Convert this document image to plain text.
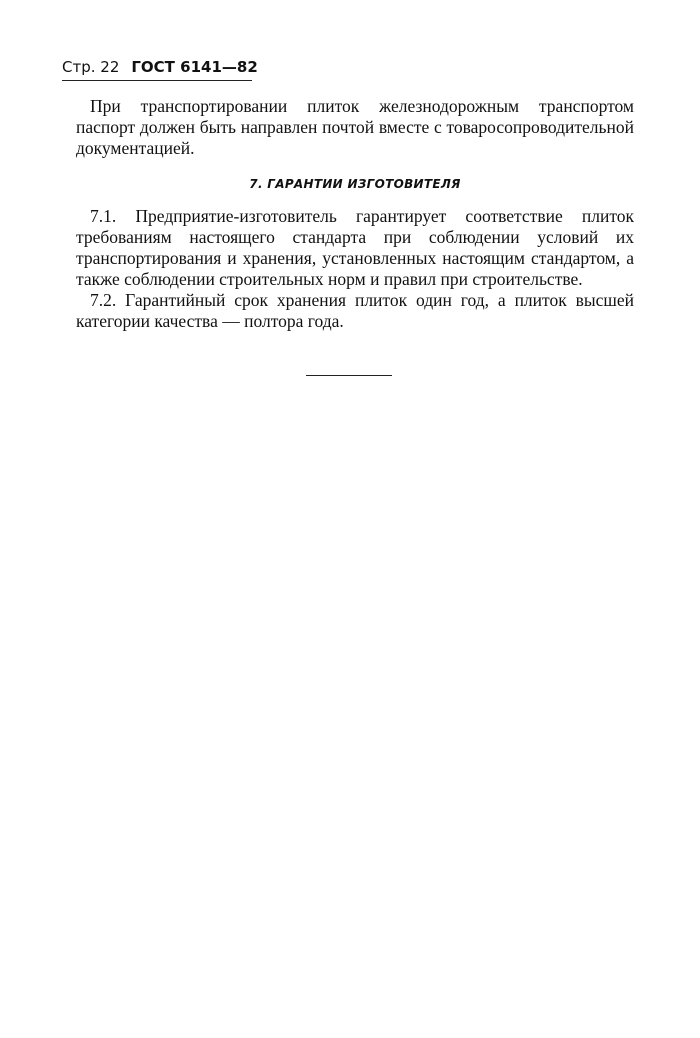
Стр. 22 ГОСТ 6141—82

При транспортировании плиток железнодорожным транспортом паспорт должен быть направлен почтой вместе с товаросопроводительной документацией.

7. ГАРАНТИИ ИЗГОТОВИТЕЛЯ

7.1. Предприятие-изготовитель гарантирует соответствие плиток требованиям настоящего стандарта при соблюдении условий их транспортирования и хранения, установленных настоящим стандартом, а также соблюдении строительных норм и правил при строительстве.

7.2. Гарантийный срок хранения плиток один год, а плиток высшей категории качества — полтора года.
